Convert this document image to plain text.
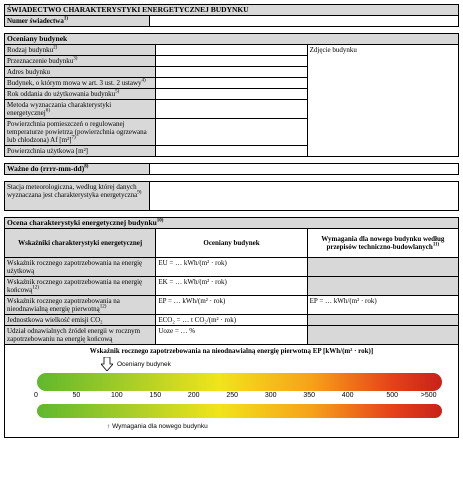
ŚWIADECTWO CHARAKTERYSTYKI ENERGETYCZNEJ BUDYNKU
Numer świadectwa$^{1)}$	
Oceniany budynek		
Rodzaj budynku$^{2)}$		Zdjęcie budynku
Przeznaczenie budynku$^{3)}$	
Adres budynku		
Budynek, o którym mowa w art. 3 ust. 2 ustawy$^{4)}$	
Rok oddania do użytkowania budynku$^{5)}$	
Metoda wyznaczania charakterystyki energetycznej$^{6)}$	
Powierzchnia pomieszczeń o regulowanej temperaturze powietrza (powierzchnia ogrzewana lub chłodzona) Af $[m^2]^{7)}$	
Powierzchnia użytkowa [m²]		
Ważne do (rrrr-mm-dd)$^{8)}$	
Stacja meteorologiczna, według której danych wyznaczana jest charakterystyka energetyczna$^{9)}$	
Ocena charakterystyki energetycznej budynku$^{10)}$
Wskaźniki charakterystyki energetycznej	Oceniany budynek	Wymagania dla nowego budynku według przepisów techniczno-budowlanych$^{11)}$
Wskaźnik rocznego zapotrzebowania na energię użytkową	EU = … kWh/(m² · rok)	
Wskaźnik rocznego zapotrzebowania na energię końcową$^{12)}$	EK = … kWh/(m² · rok)	
Wskaźnik rocznego zapotrzebowania na nieodnawialną energię pierwotną$^{12)}$	EP = … kWh/(m² · rok)	EP = … kWh/(m² · rok)
Jednostkowa wielkość emisji CO₂	ECO₂ = … t CO₂/(m² · rok)	
Udział odnawialnych źródeł energii w rocznym zapotrzebowaniu na energię końcową	Uoze = … %	
Wskaźnik rocznego zapotrzebowania na nieodnawialną energię pierwotną EP [kWh/(m² · rok)]
Oceniany budynek
0	50	100	150	200	250	300	350	400	500	>500
↑ Wymagania dla nowego budynku
